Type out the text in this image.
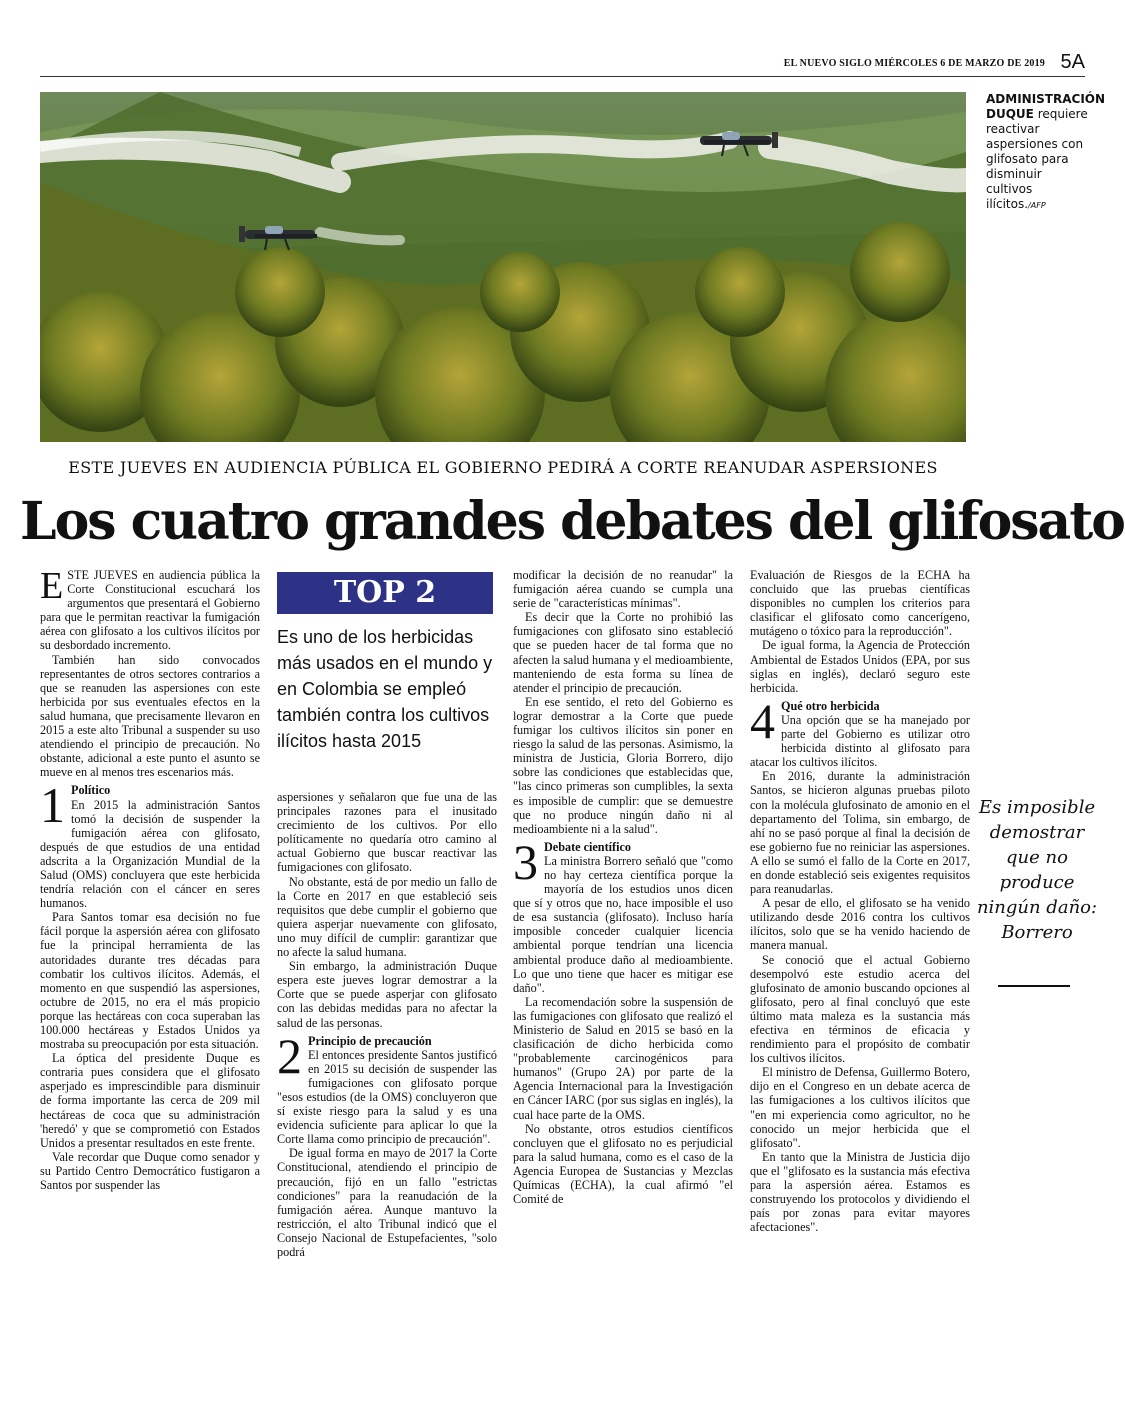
EL NUEVO SIGLO MIÉRCOLES 6 DE MARZO DE 2019 5A
ADMINISTRACIÓN DUQUE requiere reactivar aspersiones con glifosato para disminuir cultivos ilícitos./AFP
ESTE JUEVES EN AUDIENCIA PÚBLICA EL GOBIERNO PEDIRÁ A CORTE REANUDAR ASPERSIONES
Los cuatro grandes debates del glifosato

ESTE JUEVES en audiencia pública la Corte Constitucional escuchará los argumentos que presentará el Gobierno para que le permitan reactivar la fumigación aérea con glifosato a los cultivos ilícitos por su desbordado incremento.

También han sido convocados representantes de otros sectores contrarios a que se reanuden las aspersiones con este herbicida por sus eventuales efectos en la salud humana, que precisamente llevaron en 2015 a este alto Tribunal a suspender su uso atendiendo el principio de precaución. No obstante, adicional a este punto el asunto se mueve en al menos tres escenarios más.

1 Político

En 2015 la administración Santos tomó la decisión de suspender la fumigación aérea con glifosato, después de que estudios de una entidad adscrita a la Organización Mundial de la Salud (OMS) concluyera que este herbicida tendría relación con el cáncer en seres humanos.

Para Santos tomar esa decisión no fue fácil porque la aspersión aérea con glifosato fue la principal herramienta de las autoridades durante tres décadas para combatir los cultivos ilícitos. Además, el momento en que suspendió las aspersiones, octubre de 2015, no era el más propicio porque las hectáreas con coca superaban las 100.000 hectáreas y Estados Unidos ya mostraba su preocupación por esta situación.

La óptica del presidente Duque es contraria pues considera que el glifosato asperjado es imprescindible para disminuir de forma importante las cerca de 209 mil hectáreas de coca que su administración 'heredó' y que se comprometió con Estados Unidos a presentar resultados en este frente.

Vale recordar que Duque como senador y su Partido Centro Democrático fustigaron a Santos por suspender las

TOP 2
Es uno de los herbicidas más usados en el mundo y en Colombia se empleó también contra los cultivos ilícitos hasta 2015

aspersiones y señalaron que fue una de las principales razones para el inusitado crecimiento de los cultivos. Por ello políticamente no quedaría otro camino al actual Gobierno que buscar reactivar las fumigaciones con glifosato.

No obstante, está de por medio un fallo de la Corte en 2017 en que estableció seis requisitos que debe cumplir el gobierno que quiera asperjar nuevamente con glifosato, uno muy difícil de cumplir: garantizar que no afecte la salud humana.

Sin embargo, la administración Duque espera este jueves lograr demostrar a la Corte que se puede asperjar con glifosato con las debidas medidas para no afectar la salud de las personas.

2 Principio de precaución

El entonces presidente Santos justificó en 2015 su decisión de suspender las fumigaciones con glifosato porque "esos estudios (de la OMS) concluyeron que sí existe riesgo para la salud y es una evidencia suficiente para aplicar lo que la Corte llama como principio de precaución".

De igual forma en mayo de 2017 la Corte Constitucional, atendiendo el principio de precaución, fijó en un fallo "estrictas condiciones" para la reanudación de la fumigación aérea. Aunque mantuvo la restricción, el alto Tribunal indicó que el Consejo Nacional de Estupefacientes, "solo podrá

modificar la decisión de no reanudar" la fumigación aérea cuando se cumpla una serie de "características mínimas".

Es decir que la Corte no prohibió las fumigaciones con glifosato sino estableció que se pueden hacer de tal forma que no afecten la salud humana y el medioambiente, manteniendo de esta forma su línea de atender el principio de precaución.

En ese sentido, el reto del Gobierno es lograr demostrar a la Corte que puede fumigar los cultivos ilícitos sin poner en riesgo la salud de las personas. Asimismo, la ministra de Justicia, Gloria Borrero, dijo sobre las condiciones que establecidas que, "las cinco primeras son cumplibles, la sexta es imposible de cumplir: que se demuestre que no produce ningún daño ni al medioambiente ni a la salud".

3 Debate científico

La ministra Borrero señaló que "como no hay certeza científica porque la mayoría de los estudios unos dicen que sí y otros que no, hace imposible el uso de esa sustancia (glifosato). Incluso haría imposible conceder cualquier licencia ambiental porque tendrían una licencia ambiental produce daño al medioambiente. Lo que uno tiene que hacer es mitigar ese daño".

La recomendación sobre la suspensión de las fumigaciones con glifosato que realizó el Ministerio de Salud en 2015 se basó en la clasificación de dicho herbicida como "probablemente carcinogénicos para humanos" (Grupo 2A) por parte de la Agencia Internacional para la Investigación en Cáncer IARC (por sus siglas en inglés), la cual hace parte de la OMS.

No obstante, otros estudios científicos concluyen que el glifosato no es perjudicial para la salud humana, como es el caso de la Agencia Europea de Sustancias y Mezclas Químicas (ECHA), la cual afirmó "el Comité de

Evaluación de Riesgos de la ECHA ha concluido que las pruebas científicas disponibles no cumplen los criterios para clasificar el glifosato como cancerígeno, mutágeno o tóxico para la reproducción".

De igual forma, la Agencia de Protección Ambiental de Estados Unidos (EPA, por sus siglas en inglés), declaró seguro este herbicida.

4 Qué otro herbicida

Una opción que se ha manejado por parte del Gobierno es utilizar otro herbicida distinto al glifosato para atacar los cultivos ilícitos.

En 2016, durante la administración Santos, se hicieron algunas pruebas piloto con la molécula glufosinato de amonio en el departamento del Tolima, sin embargo, de ahí no se pasó porque al final la decisión de ese gobierno fue no reiniciar las aspersiones. A ello se sumó el fallo de la Corte en 2017, en donde estableció seis exigentes requisitos para reanudarlas.

A pesar de ello, el glifosato se ha venido utilizando desde 2016 contra los cultivos ilícitos, solo que se ha venido haciendo de manera manual.

Se conoció que el actual Gobierno desempolvó este estudio acerca del glufosinato de amonio buscando opciones al glifosato, pero al final concluyó que este último mata maleza es la sustancia más efectiva en términos de eficacia y rendimiento para el propósito de combatir los cultivos ilícitos.

El ministro de Defensa, Guillermo Botero, dijo en el Congreso en un debate acerca de las fumigaciones a los cultivos ilícitos que "en mi experiencia como agricultor, no he conocido un mejor herbicida que el glifosato".

En tanto que la Ministra de Justicia dijo que el "glifosato es la sustancia más efectiva para la aspersión aérea. Estamos es construyendo los protocolos y dividiendo el país por zonas para evitar mayores afectaciones".

Es imposible demostrar que no produce ningún daño: Borrero
